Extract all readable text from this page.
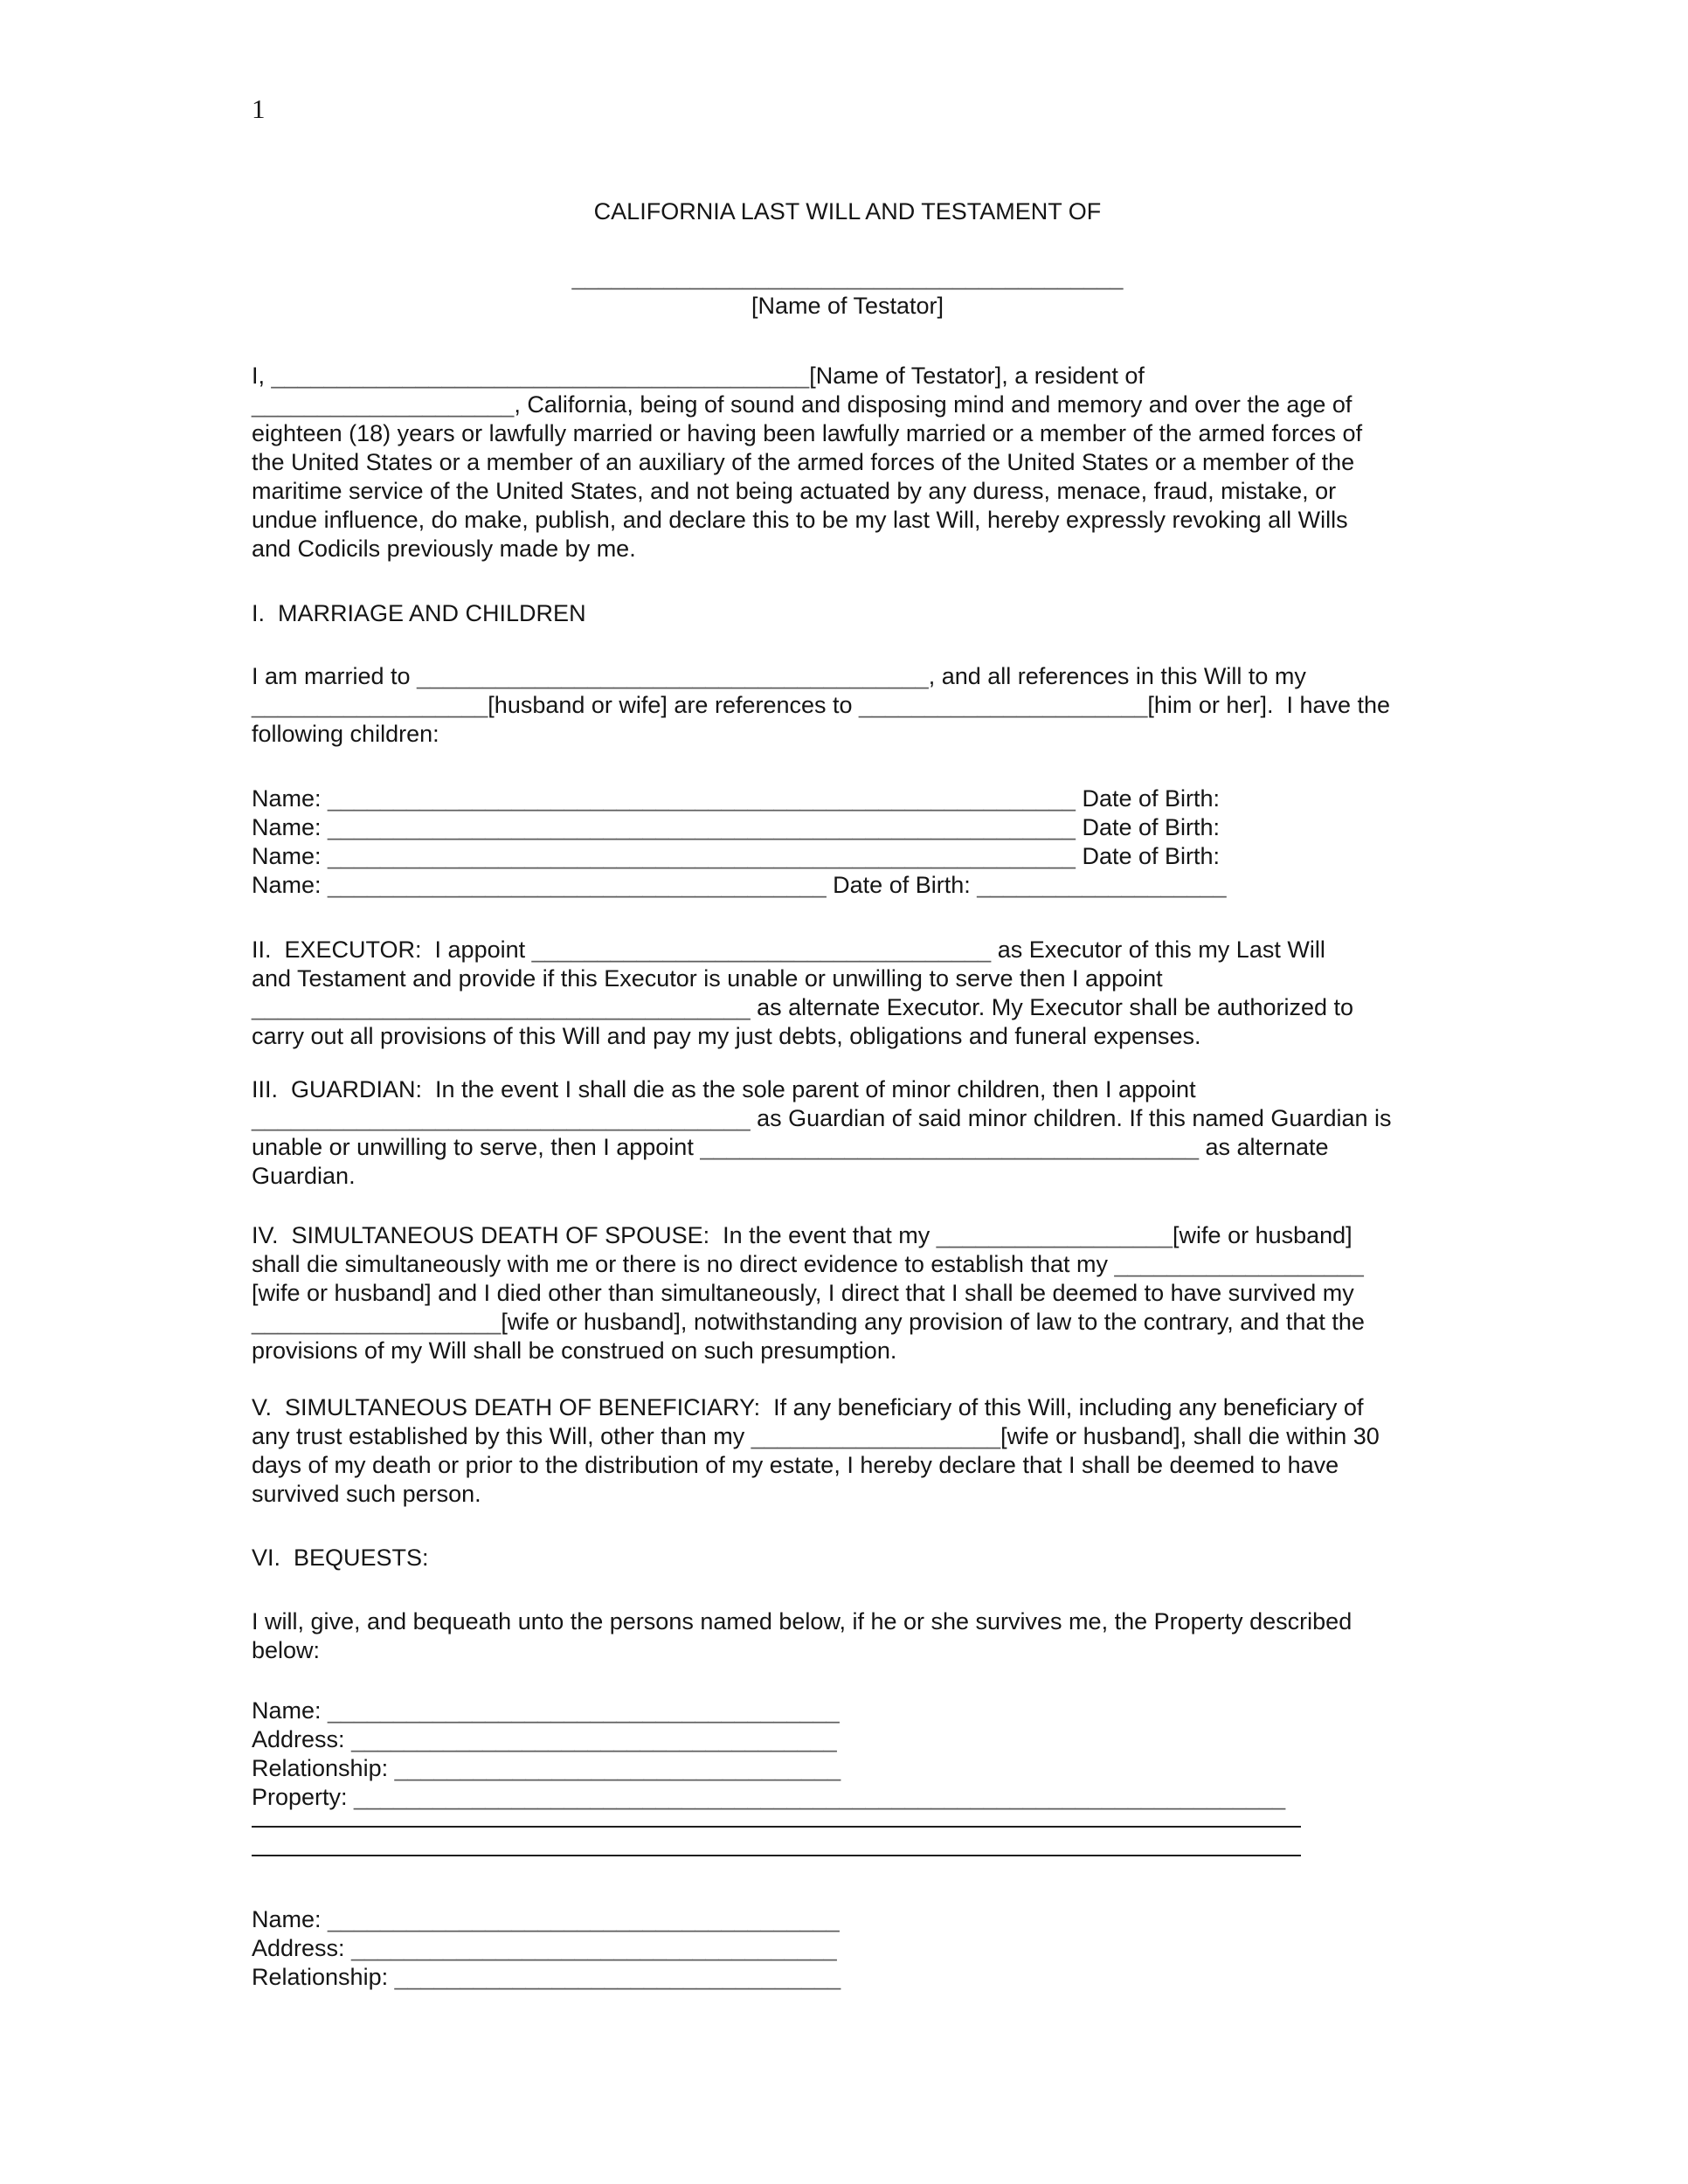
1
CALIFORNIA LAST WILL AND TESTAMENT OF
__________________________________________
[Name of Testator]
I, _________________________________________[Name of Testator], a resident of
____________________, California, being of sound and disposing mind and memory and over the age of
eighteen (18) years or lawfully married or having been lawfully married or a member of the armed forces of
the United States or a member of an auxiliary of the armed forces of the United States or a member of the
maritime service of the United States, and not being actuated by any duress, menace, fraud, mistake, or
undue influence, do make, publish, and declare this to be my last Will, hereby expressly revoking all Wills
and Codicils previously made by me.
I.  MARRIAGE AND CHILDREN
I am married to _______________________________________, and all references in this Will to my
__________________[husband or wife] are references to ______________________[him or her].  I have the
following children:
Name: _________________________________________________________ Date of Birth:
Name: _________________________________________________________ Date of Birth:
Name: _________________________________________________________ Date of Birth:
Name: ______________________________________ Date of Birth: ___________________
II.  EXECUTOR:  I appoint ___________________________________ as Executor of this my Last Will
and Testament and provide if this Executor is unable or unwilling to serve then I appoint
______________________________________ as alternate Executor. My Executor shall be authorized to
carry out all provisions of this Will and pay my just debts, obligations and funeral expenses.
III.  GUARDIAN:  In the event I shall die as the sole parent of minor children, then I appoint
______________________________________ as Guardian of said minor children. If this named Guardian is
unable or unwilling to serve, then I appoint ______________________________________ as alternate
Guardian.
IV.  SIMULTANEOUS DEATH OF SPOUSE:  In the event that my __________________[wife or husband]
shall die simultaneously with me or there is no direct evidence to establish that my ___________________
[wife or husband] and I died other than simultaneously, I direct that I shall be deemed to have survived my
___________________[wife or husband], notwithstanding any provision of law to the contrary, and that the
provisions of my Will shall be construed on such presumption.
V.  SIMULTANEOUS DEATH OF BENEFICIARY:  If any beneficiary of this Will, including any beneficiary of
any trust established by this Will, other than my ___________________[wife or husband], shall die within 30
days of my death or prior to the distribution of my estate, I hereby declare that I shall be deemed to have
survived such person.
VI.  BEQUESTS:
I will, give, and bequeath unto the persons named below, if he or she survives me, the Property described
below:
Name: _______________________________________
Address: _____________________________________
Relationship: __________________________________
Property: _______________________________________________________________________
Name: _______________________________________
Address: _____________________________________
Relationship: __________________________________
